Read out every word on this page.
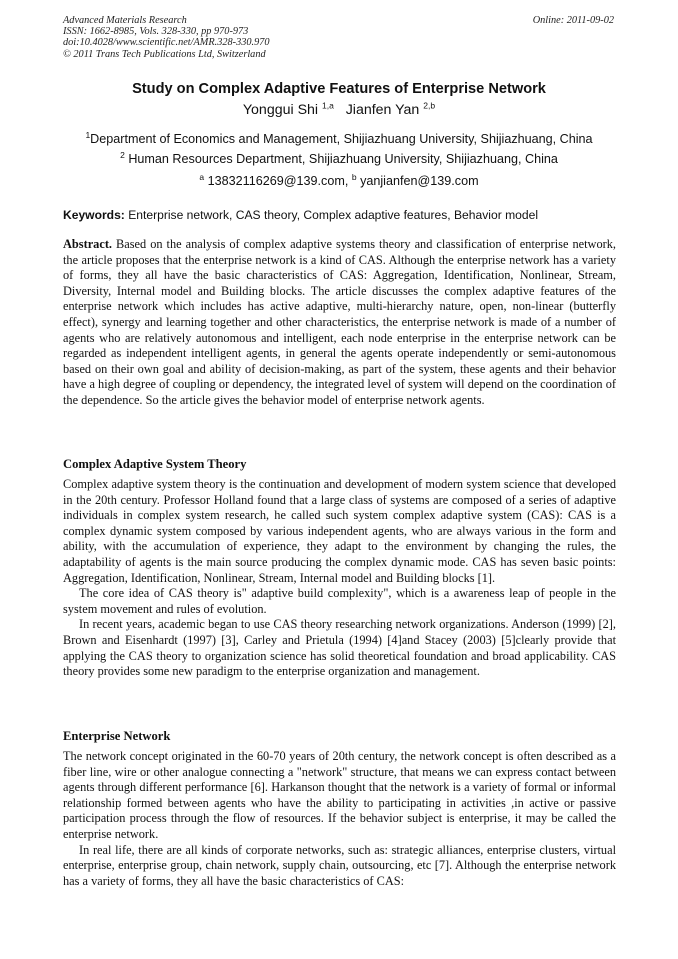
Advanced Materials Research
ISSN: 1662-8985, Vols. 328-330, pp 970-973
doi:10.4028/www.scientific.net/AMR.328-330.970
© 2011 Trans Tech Publications Ltd, Switzerland
Online: 2011-09-02
Study on Complex Adaptive Features of Enterprise Network
Yonggui Shi $^{1,a}$ Jianfen Yan $^{2,b}$
$^1$Department of Economics and Management, Shijiazhuang University, Shijiazhuang, China
$^2$ Human Resources Department, Shijiazhuang University, Shijiazhuang, China
$^a$ 13832116269@139.com, $^b$ yanjianfen@139.com
Keywords: Enterprise network, CAS theory, Complex adaptive features, Behavior model

Abstract. Based on the analysis of complex adaptive systems theory and classification of enterprise network, the article proposes that the enterprise network is a kind of CAS. Although the enterprise network has a variety of forms, they all have the basic characteristics of CAS: Aggregation, Identification, Nonlinear, Stream, Diversity, Internal model and Building blocks. The article discusses the complex adaptive features of the enterprise network which includes has active adaptive, multi-hierarchy nature, open, non-linear (butterfly effect), synergy and learning together and other characteristics, the enterprise network is made of a number of agents who are relatively autonomous and intelligent, each node enterprise in the enterprise network can be regarded as independent intelligent agents, in general the agents operate independently or semi-autonomous based on their own goal and ability of decision-making, as part of the system, these agents and their behavior have a high degree of coupling or dependency, the integrated level of system will depend on the coordination of the dependence. So the article gives the behavior model of enterprise network agents.

Complex Adaptive System Theory

Complex adaptive system theory is the continuation and development of modern system science that developed in the 20th century. Professor Holland found that a large class of systems are composed of a series of adaptive individuals in complex system research, he called such system complex adaptive system (CAS): CAS is a complex dynamic system composed by various independent agents, who are always various in the form and ability, with the accumulation of experience, they adapt to the environment by changing the rules, the adaptability of agents is the main source producing the complex dynamic mode. CAS has seven basic points: Aggregation, Identification, Nonlinear, Stream, Internal model and Building blocks [1].

The core idea of CAS theory is" adaptive build complexity", which is a awareness leap of people in the system movement and rules of evolution.

In recent years, academic began to use CAS theory researching network organizations. Anderson (1999) [2], Brown and Eisenhardt (1997) [3], Carley and Prietula (1994) [4]and Stacey (2003) [5]clearly provide that applying the CAS theory to organization science has solid theoretical foundation and broad applicability. CAS theory provides some new paradigm to the enterprise organization and management.

Enterprise Network

The network concept originated in the 60-70 years of 20th century, the network concept is often described as a fiber line, wire or other analogue connecting a "network" structure, that means we can express contact between agents through different performance [6]. Harkanson thought that the network is a variety of formal or informal relationship formed between agents who have the ability to participating in activities ,in active or passive participation process through the flow of resources. If the behavior subject is enterprise, it may be called the enterprise network.

In real life, there are all kinds of corporate networks, such as: strategic alliances, enterprise clusters, virtual enterprise, enterprise group, chain network, supply chain, outsourcing, etc [7]. Although the enterprise network has a variety of forms, they all have the basic characteristics of CAS:
